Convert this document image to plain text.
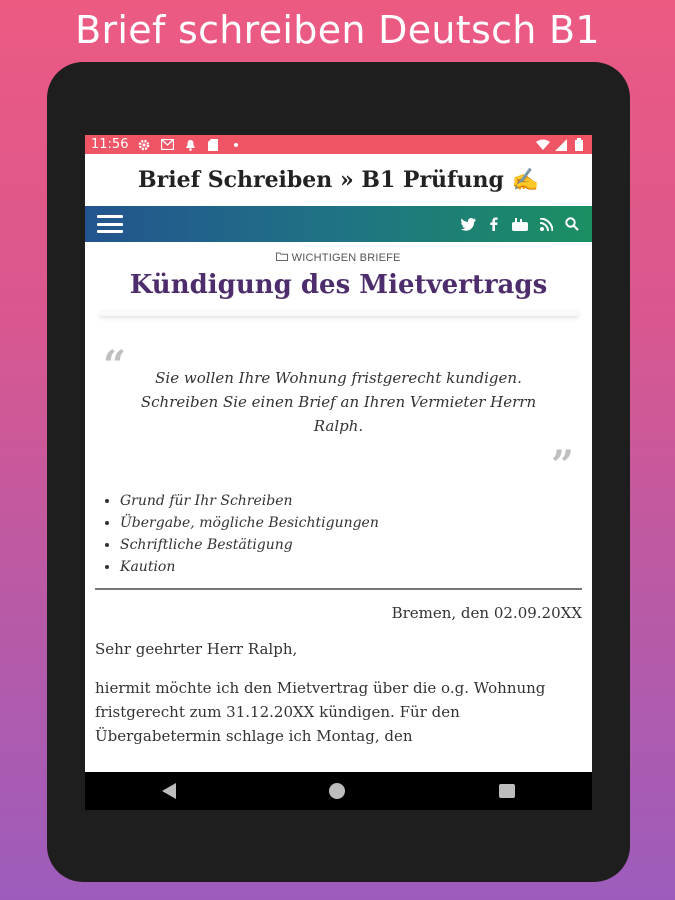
Brief schreiben Deutsch B1
11:56
Brief Schreiben » B1 Prüfung ✍
WICHTIGEN BRIEFE
Kündigung des Mietvertrags
“	Sie wollen Ihre Wohnung fristgerecht kundigen. Schreiben Sie einen Brief an Ihren Vermieter Herrn Ralph.
”
• Grund für Ihr Schreiben
• Übergabe, mögliche Besichtigungen
• Schriftliche Bestätigung
• Kaution
Bremen, den 02.09.20XX
Sehr geehrter Herr Ralph,
hiermit möchte ich den Mietvertrag über die o.g. Wohnung fristgerecht zum 31.12.20XX kündigen. Für den Übergabetermin schlage ich Montag, den
